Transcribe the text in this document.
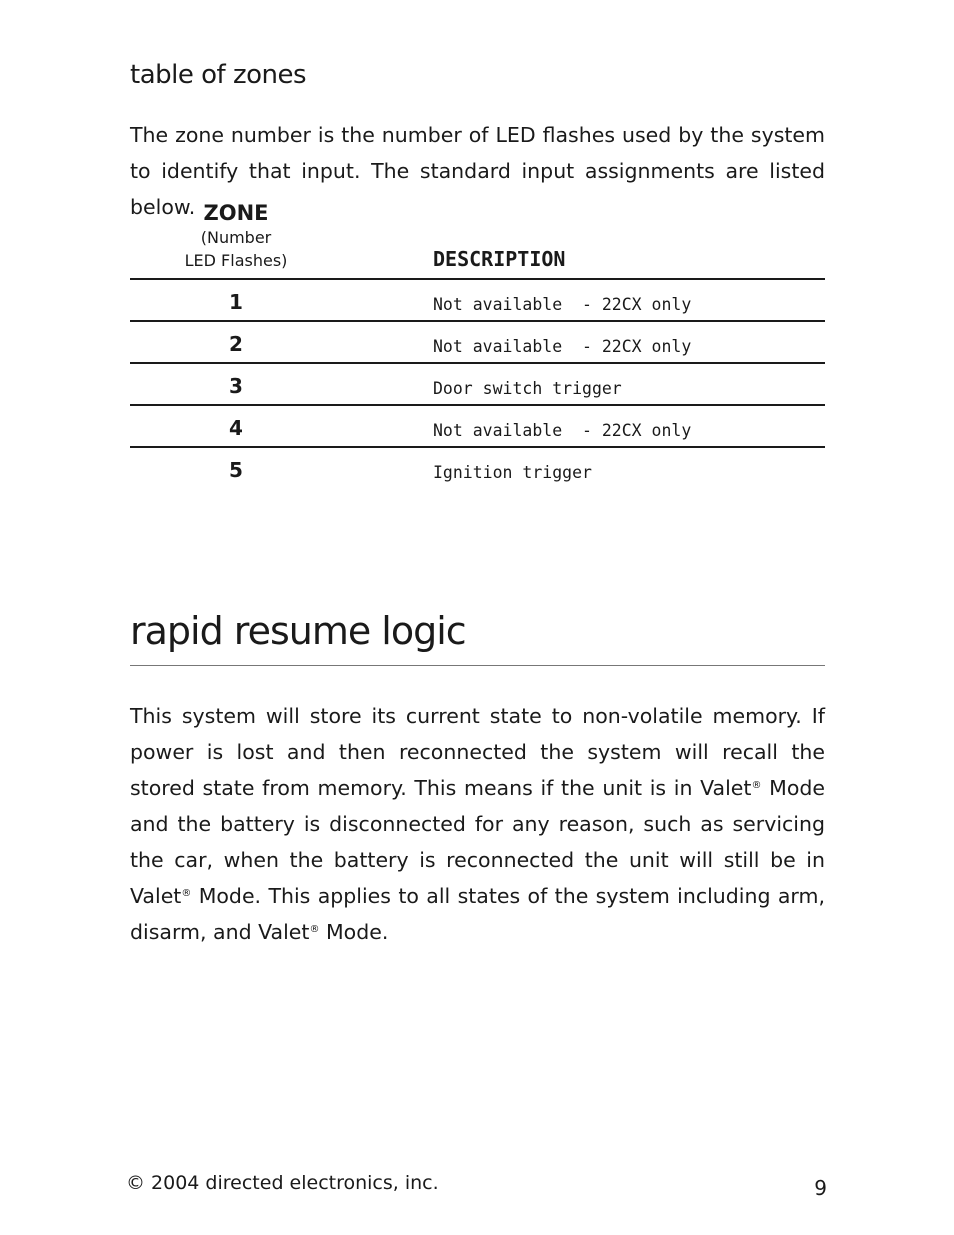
table of zones

The zone number is the number of LED flashes used by the system to identify that input. The standard input assignments are listed below. ZONE
(Number
LED Flashes)	DESCRIPTION
1	Not available  - 22CX only
2	Not available  - 22CX only
3	Door switch trigger
4	Not available  - 22CX only
5	Ignition trigger
rapid resume logic

This system will store its current state to non-volatile memory. If power is lost and then reconnected the system will recall the stored state from memory. This means if the unit is in Valet® Mode and the battery is disconnected for any reason, such as servicing the car, when the battery is reconnected the unit will still be in Valet® Mode. This applies to all states of the system including arm, disarm, and Valet® Mode.

© 2004 directed electronics, inc.	9
